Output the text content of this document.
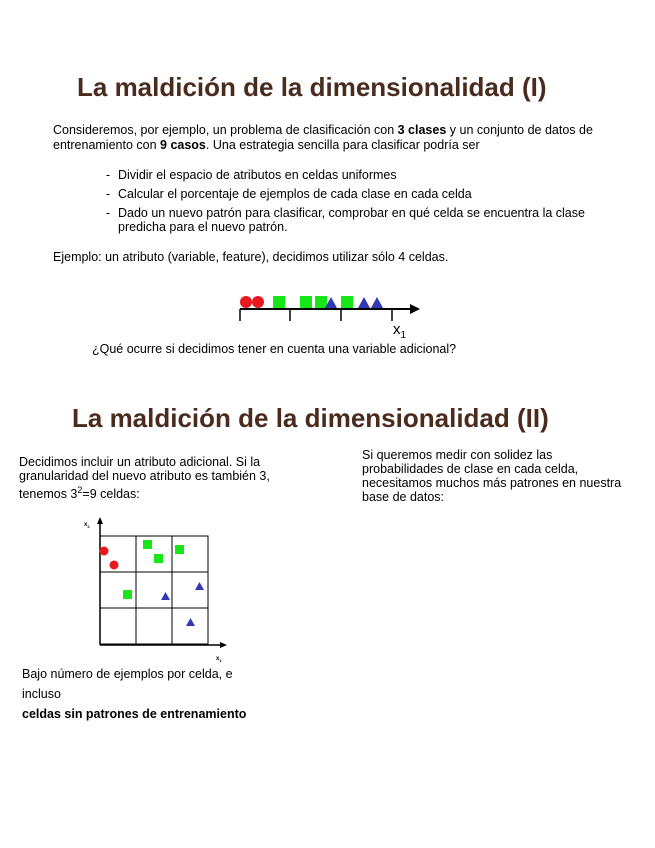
La maldición de la dimensionalidad (I)
Consideremos, por ejemplo, un problema de clasificación con 3 clases y un conjunto de datos de entrenamiento con 9 casos. Una estrategia sencilla para clasificar podría ser
- Dividir el espacio de atributos en celdas uniformes
- Calcular el porcentaje de ejemplos de cada clase en cada celda
- Dado un nuevo patrón para clasificar, comprobar en qué celda se encuentra la clase predicha para el nuevo patrón.
Ejemplo: un atributo (variable, feature), decidimos utilizar sólo 4 celdas.
$x_1$
¿Qué ocurre si decidimos tener en cuenta una variable adicional?
La maldición de la dimensionalidad (II)
Decidimos incluir un atributo adicional. Si la granularidad del nuevo atributo es también 3, tenemos $3^2=9$ celdas:
Si queremos medir con solidez las probabilidades de clase en cada celda, necesitamos muchos más patrones en nuestra base de datos:
$x_2$
$x_1$
Bajo número de ejemplos por celda, e
incluso
celdas sin patrones de entrenamiento
